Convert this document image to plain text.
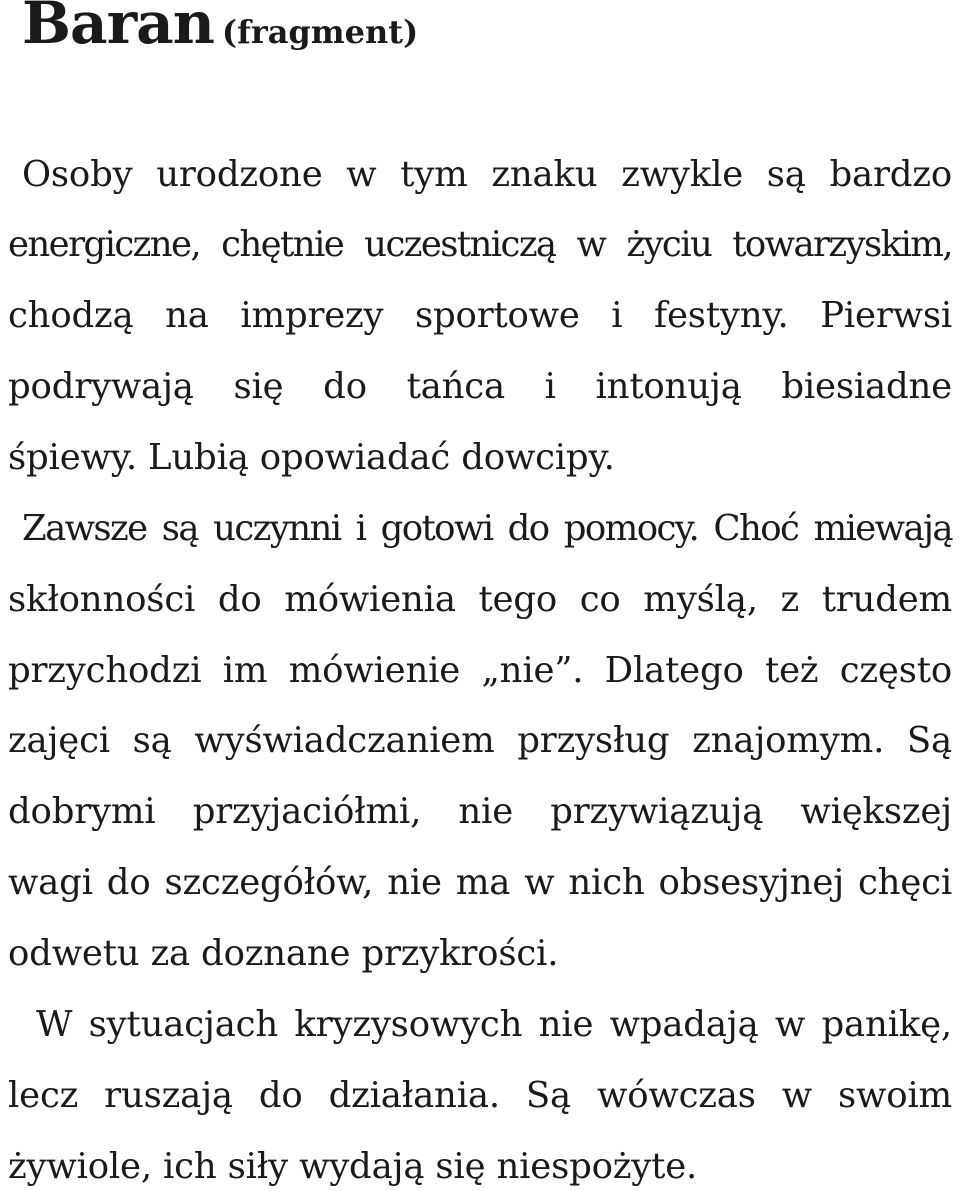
Baran (fragment)

Osoby urodzone w tym znaku zwykle są bardzo

energiczne, chętnie uczestniczą w życiu towarzyskim,

chodzą na imprezy sportowe i festyny. Pierwsi

podrywają się do tańca i intonują biesiadne

śpiewy. Lubią opowiadać dowcipy.

Zawsze są uczynni i gotowi do pomocy. Choć miewają

skłonności do mówienia tego co myślą, z trudem

przychodzi im mówienie „nie”. Dlatego też często

zajęci są wyświadczaniem przysług znajomym. Są

dobrymi przyjaciółmi, nie przywiązują większej

wagi do szczegółów, nie ma w nich obsesyjnej chęci

odwetu za doznane przykrości.

W sytuacjach kryzysowych nie wpadają w panikę,

lecz ruszają do działania. Są wówczas w swoim

żywiole, ich siły wydają się niespożyte.
